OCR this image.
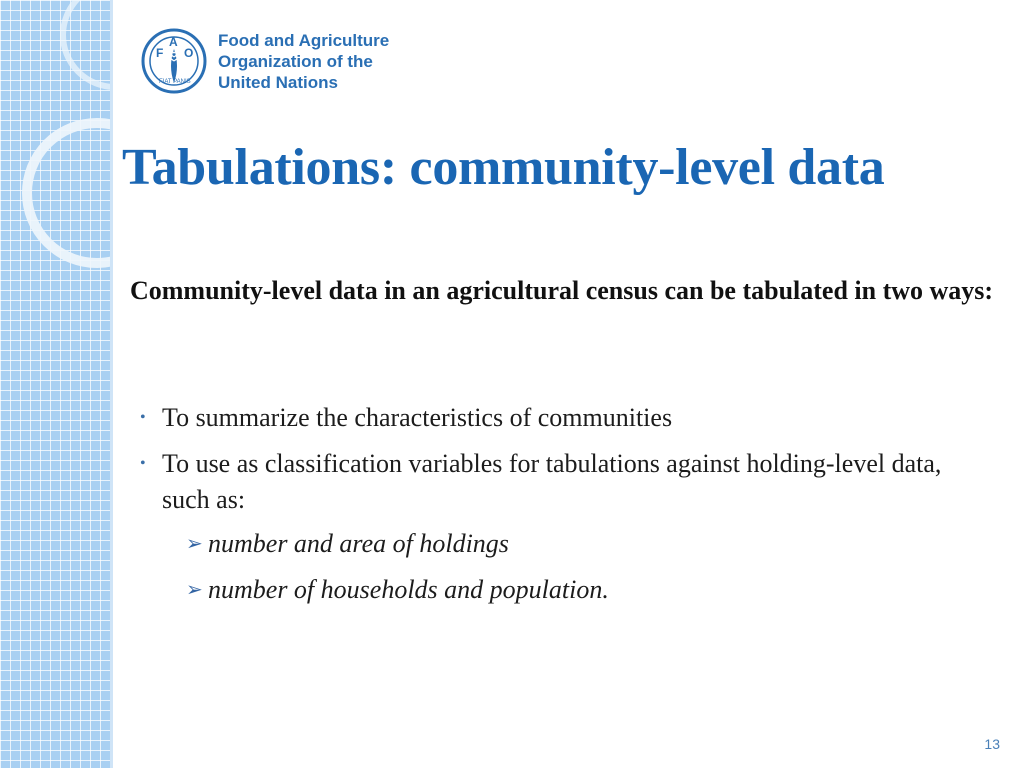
F
A
O
FIAT PANIS
Food and Agriculture
Organization of the
United Nations
Tabulations: community-level data

Community-level data in an agricultural census can be tabulated in two ways:

• To summarize the characteristics of communities
• To use as classification variables for tabulations against holding-level data, such as:
➢ number and area of holdings
➢ number of households and population.
13
